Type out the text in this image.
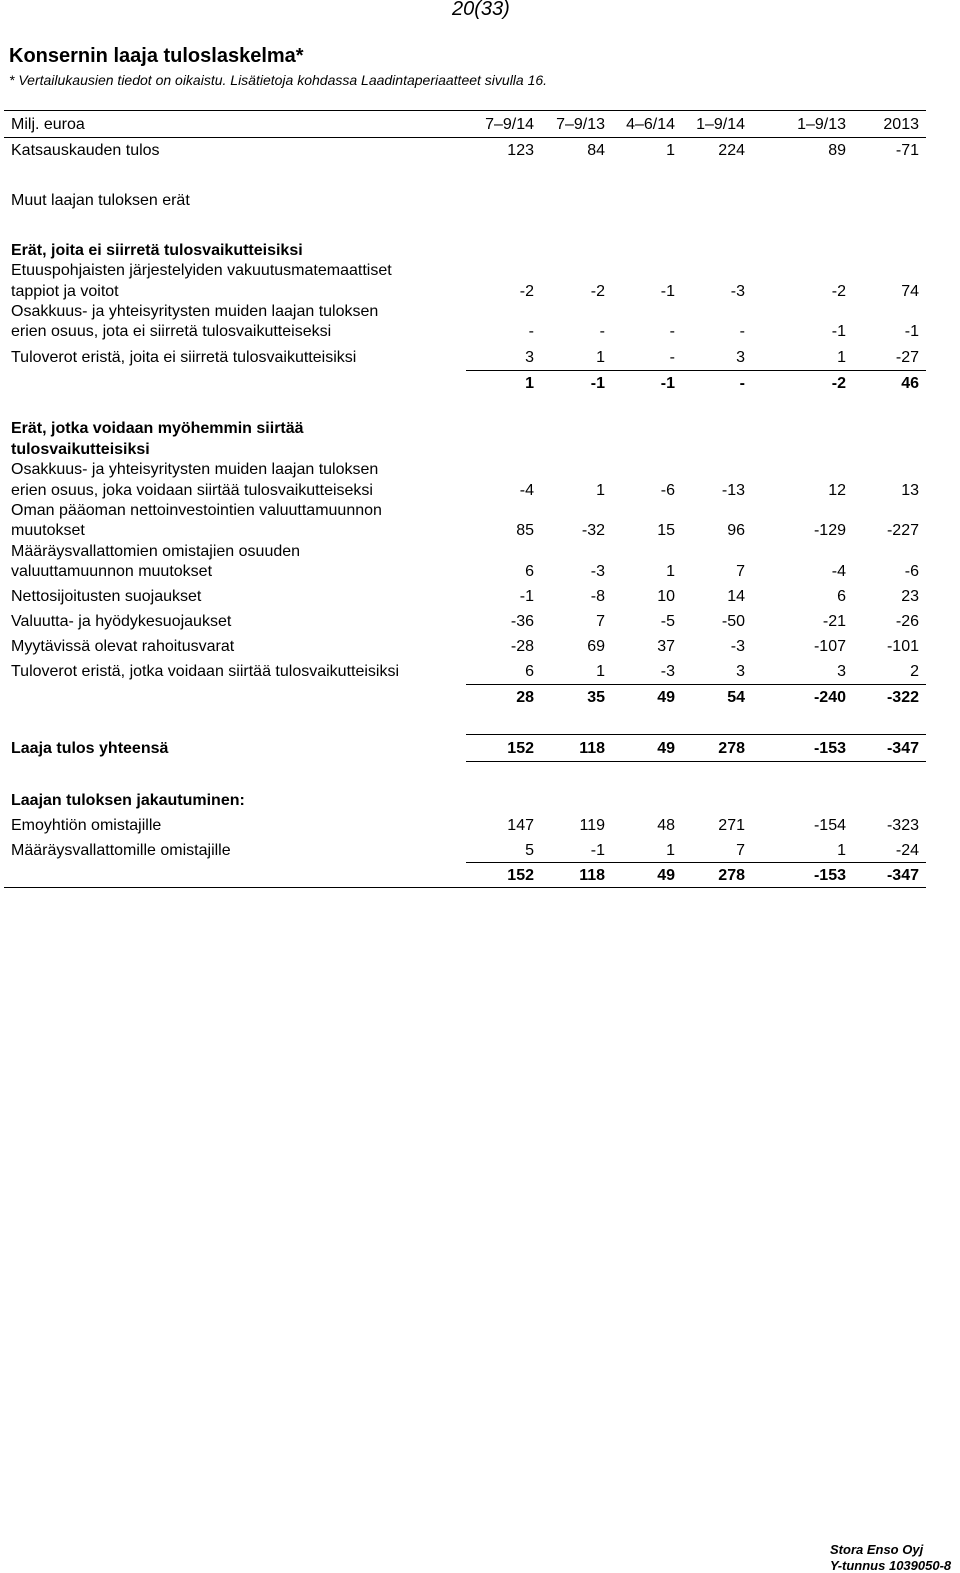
20(33)
Konsernin laaja tuloslaskelma*
* Vertailukausien tiedot on oikaistu. Lisätietoja kohdassa Laadintaperiaatteet sivulla 16.
Milj. euroa	7–9/14	7–9/13	4–6/14	1–9/14	1–9/13	2013
Katsauskauden tulos	123	84	1	224	89	-71
Muut laajan tuloksen erät
Erät, joita ei siirretä tulosvaikutteisiksi
Etuuspohjaisten järjestelyiden vakuutusmatemaattiset
tappiot ja voitot	-2	-2	-1	-3	-2	74
Osakkuus- ja yhteisyritysten muiden laajan tuloksen
erien osuus, jota ei siirretä tulosvaikutteiseksi	-	-	-	-	-1	-1
Tuloverot eristä, joita ei siirretä tulosvaikutteisiksi	3	1	-	3	1	-27
1	-1	-1	-	-2	46
Erät, jotka voidaan myöhemmin siirtää
tulosvaikutteisiksi
Osakkuus- ja yhteisyritysten muiden laajan tuloksen
erien osuus, joka voidaan siirtää tulosvaikutteiseksi	-4	1	-6	-13	12	13
Oman pääoman nettoinvestointien valuuttamuunnon
muutokset	85	-32	15	96	-129	-227
Määräysvallattomien omistajien osuuden
valuuttamuunnon muutokset	6	-3	1	7	-4	-6
Nettosijoitusten suojaukset	-1	-8	10	14	6	23
Valuutta- ja hyödykesuojaukset	-36	7	-5	-50	-21	-26
Myytävissä olevat rahoitusvarat	-28	69	37	-3	-107	-101
Tuloverot eristä, jotka voidaan siirtää tulosvaikutteisiksi	6	1	-3	3	3	2
28	35	49	54	-240	-322
Laaja tulos yhteensä	152	118	49	278	-153	-347
Laajan tuloksen jakautuminen:
Emoyhtiön omistajille	147	119	48	271	-154	-323
Määräysvallattomille omistajille	5	-1	1	7	1	-24
152	118	49	278	-153	-347
Stora Enso Oyj
Y-tunnus 1039050-8
